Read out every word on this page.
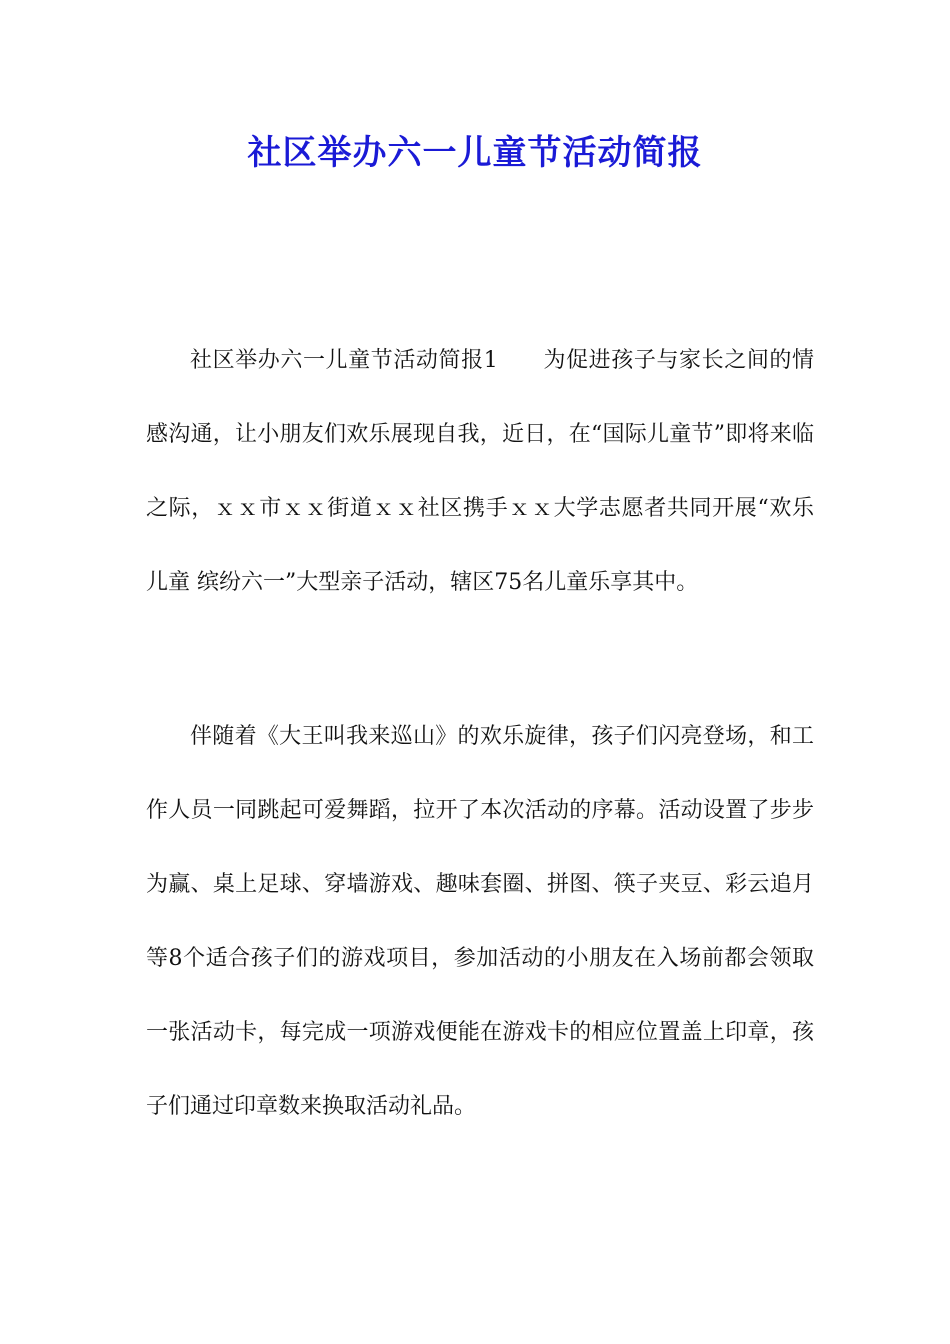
社区举办六一儿童节活动简报

社区举办六一儿童节活动简报1　　为促进孩子与家长之间的情感沟通，让小朋友们欢乐展现自我，近日，在“国际儿童节”即将来临之际，ｘｘ市ｘｘ街道ｘｘ社区携手ｘｘ大学志愿者共同开展“欢乐儿童 缤纷六一”大型亲子活动，辖区75名儿童乐享其中。

伴随着《大王叫我来巡山》的欢乐旋律，孩子们闪亮登场，和工作人员一同跳起可爱舞蹈，拉开了本次活动的序幕。活动设置了步步为赢、桌上足球、穿墙游戏、趣味套圈、拼图、筷子夹豆、彩云追月等8个适合孩子们的游戏项目，参加活动的小朋友在入场前都会领取一张活动卡，每完成一项游戏便能在游戏卡的相应位置盖上印章，孩子们通过印章数来换取活动礼品。
